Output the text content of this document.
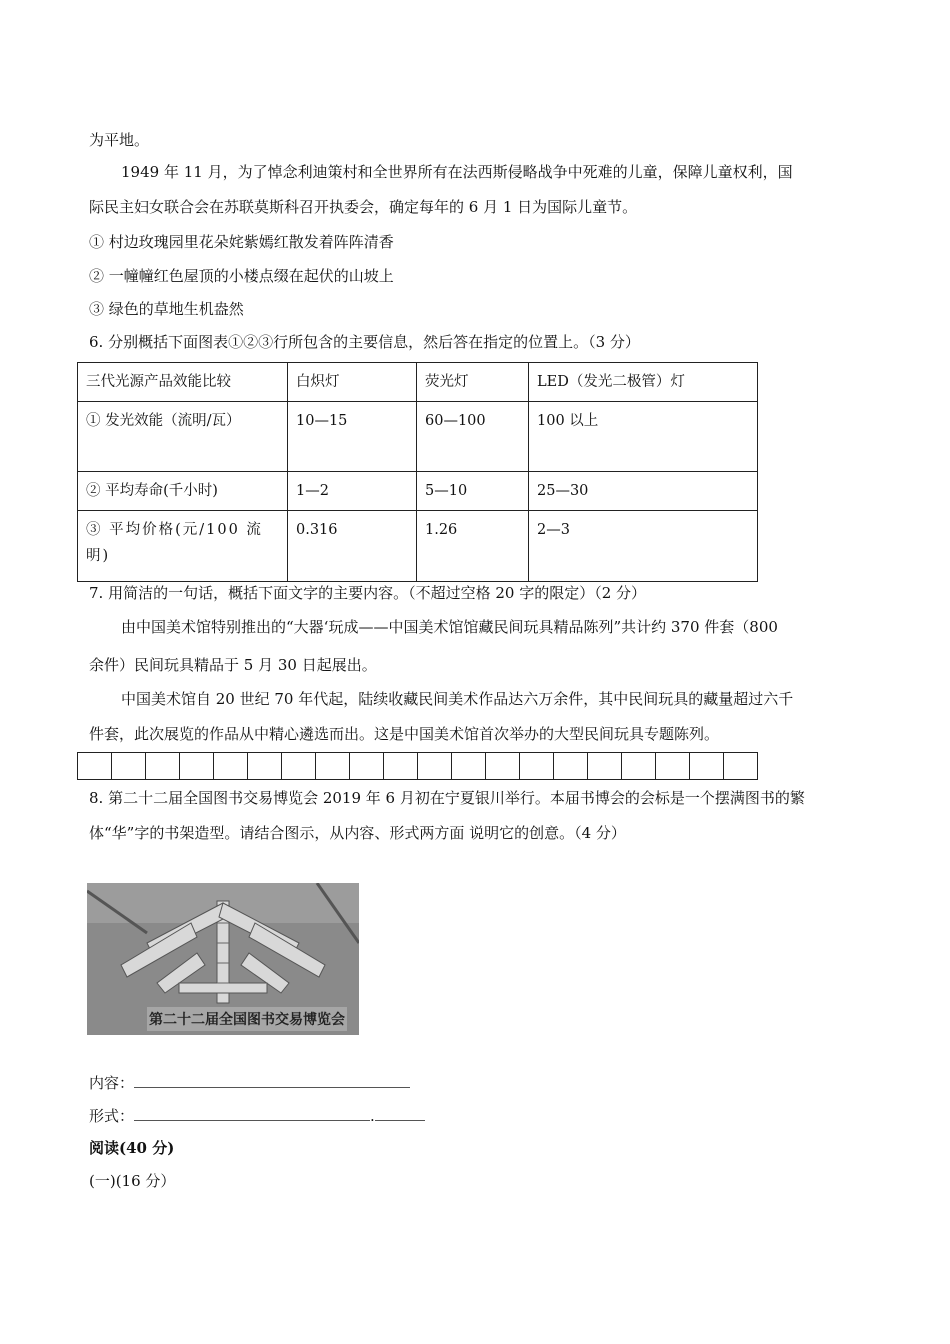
为平地。
1949 年 11 月，为了悼念利迪策村和全世界所有在法西斯侵略战争中死难的儿童，保障儿童权利，国
际民主妇女联合会在苏联莫斯科召开执委会，确定每年的 6 月 1 日为国际儿童节。
① 村边玫瑰园里花朵姹紫嫣红散发着阵阵清香
② 一幢幢红色屋顶的小楼点缀在起伏的山坡上
③ 绿色的草地生机盎然
6. 分别概括下面图表①②③行所包含的主要信息，然后答在指定的位置上。（3 分）
三代光源产品效能比较	白炽灯	荧光灯	LED（发光二极管）灯
① 发光效能（流明/瓦）	10—15	60—100	100 以上
② 平均寿命(千小时)	1—2	5—10	25—30
③ 平均价格(元/100 流明)	0.316	1.26	2—3
7. 用简洁的一句话，概括下面文字的主要内容。（不超过空格 20 字的限定）（2 分）
由中国美术馆特别推出的“大器‘玩成——中国美术馆馆藏民间玩具精品陈列”共计约 370 件套（800
余件）民间玩具精品于 5 月 30 日起展出。
中国美术馆自 20 世纪 70 年代起，陆续收藏民间美术作品达六万余件，其中民间玩具的藏量超过六千
件套，此次展览的作品从中精心遴选而出。这是中国美术馆首次举办的大型民间玩具专题陈列。
8. 第二十二届全国图书交易博览会 2019 年 6 月初在宁夏银川举行。本届书博会的会标是一个摆满图书的繁
体“华”字的书架造型。请结合图示，从内容、形式两方面 说明它的创意。（4 分）
第二十二届全国图书交易博览会
内容：
形式：	.
阅读(40 分)
(一)(16 分）
